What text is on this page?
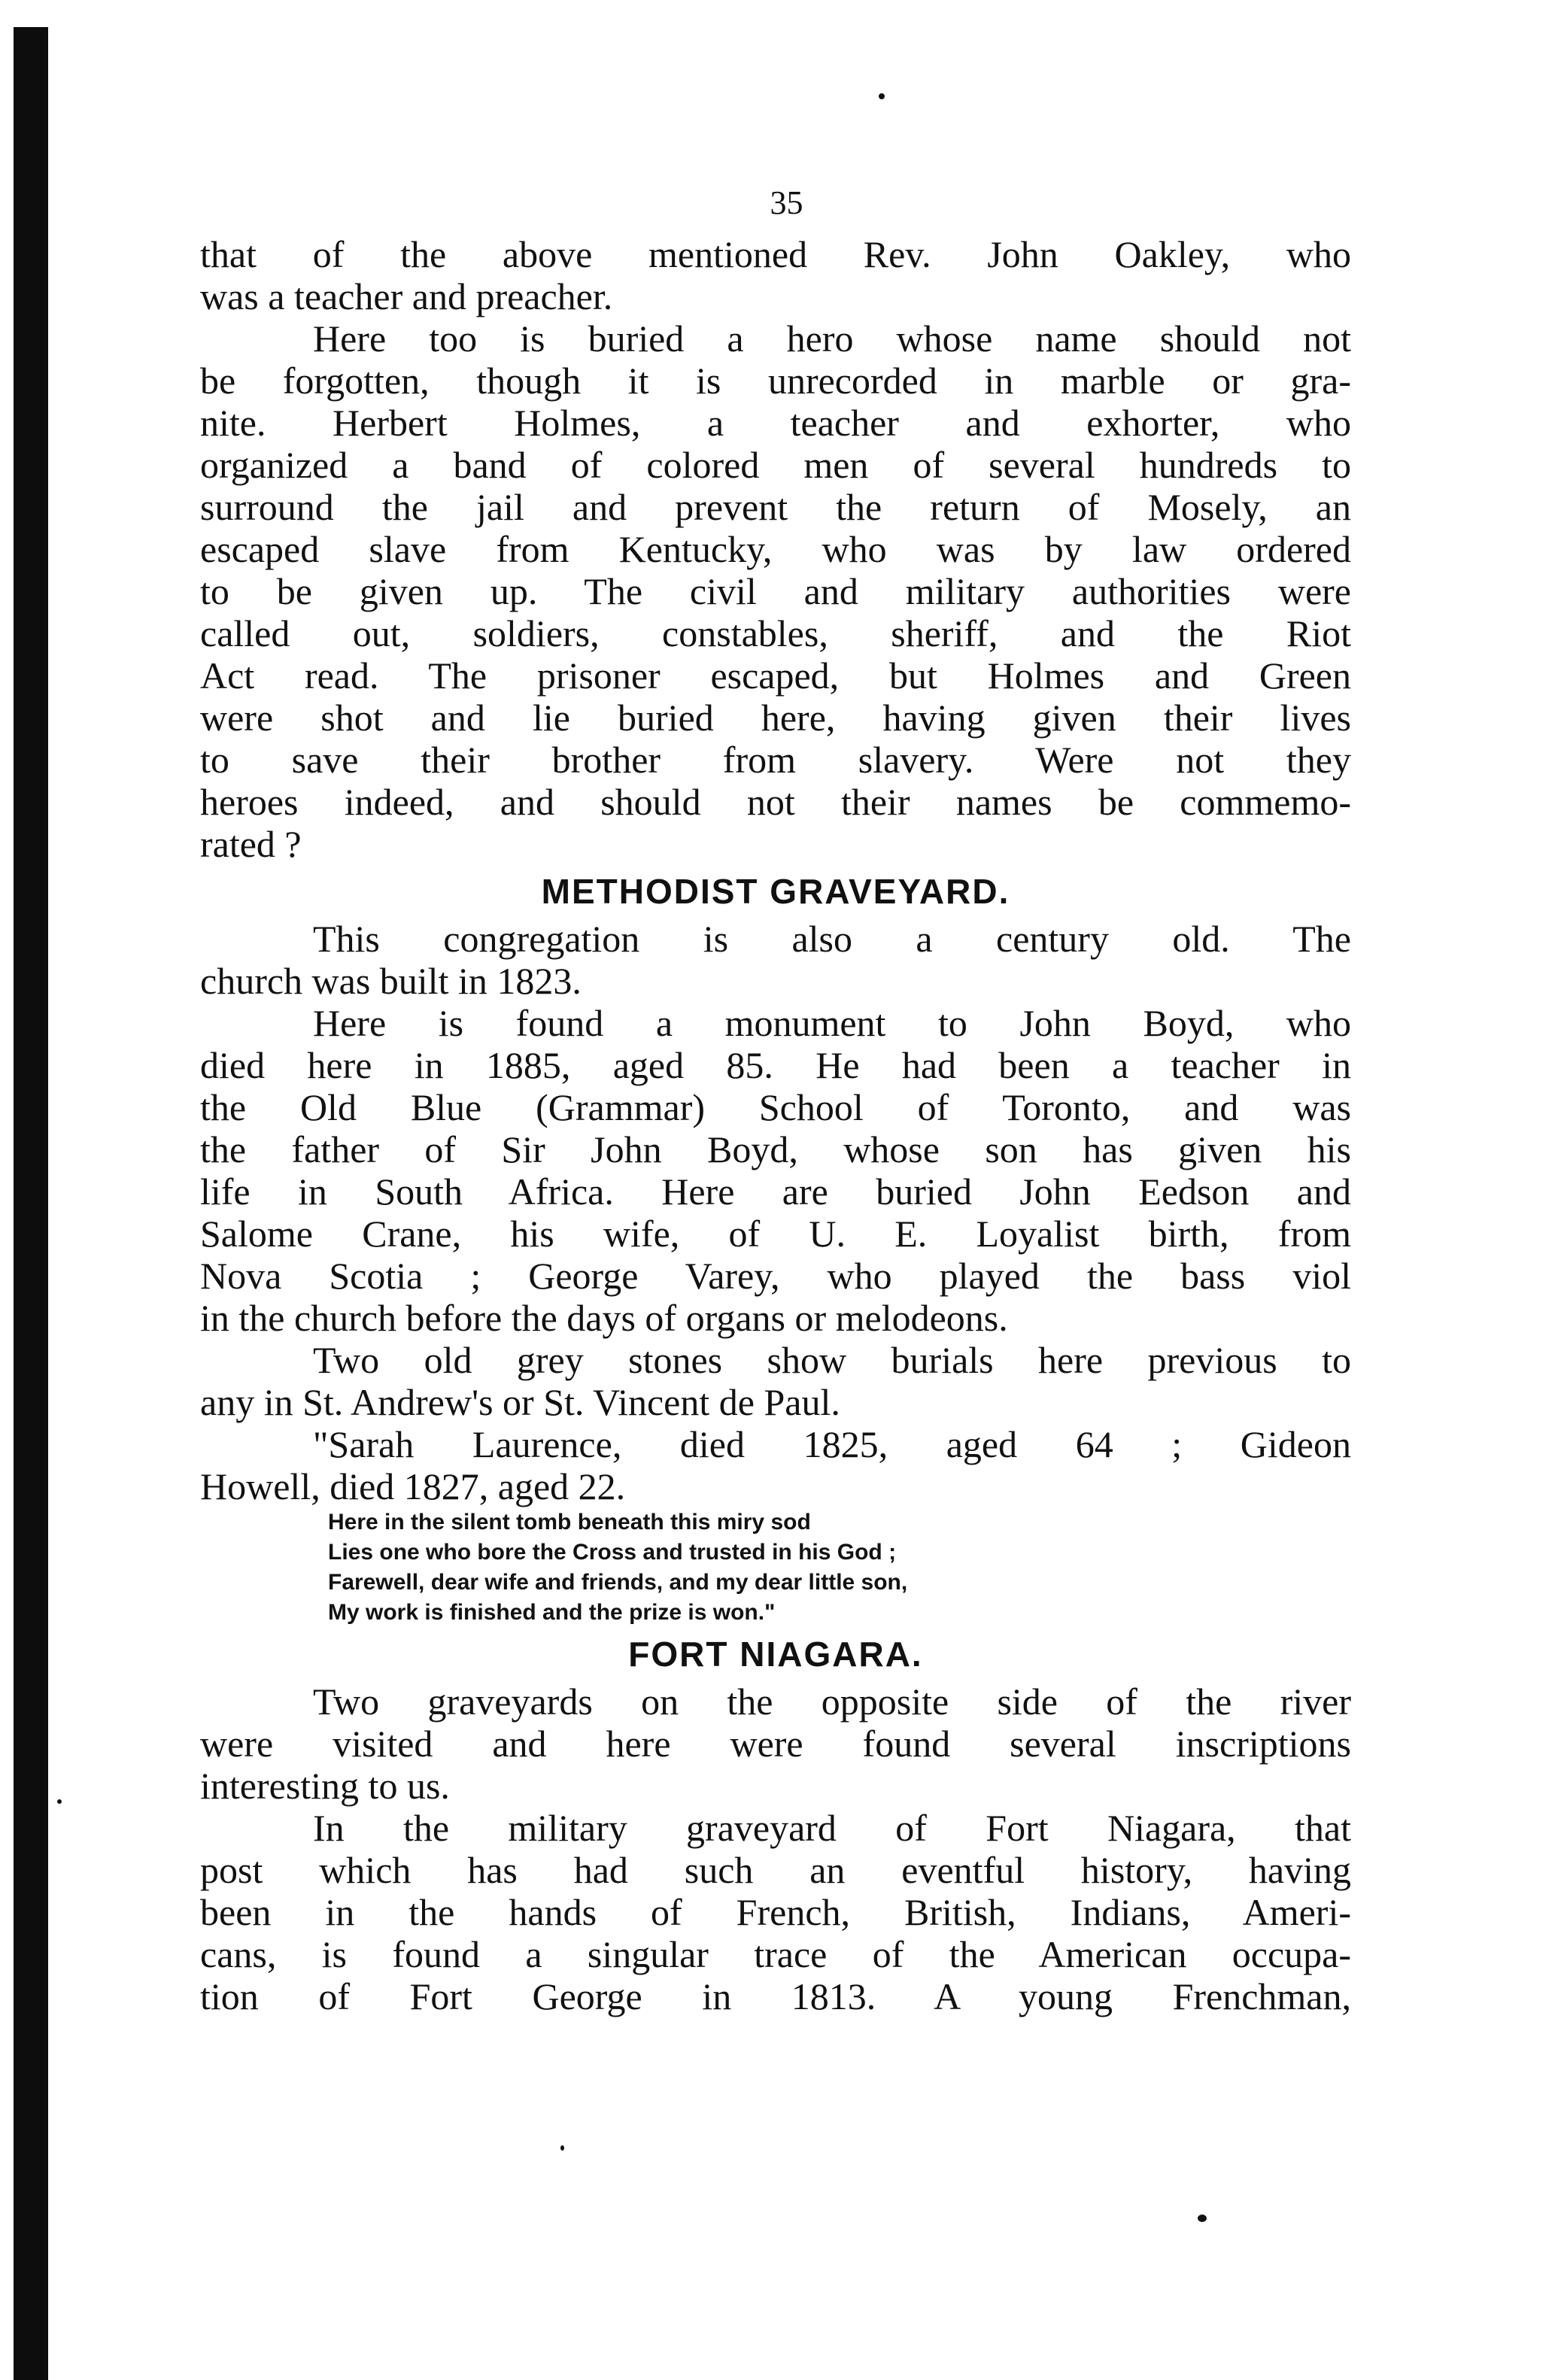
35
that of the above mentioned Rev. John Oakley, who
was a teacher and preacher.
Here too is buried a hero whose name should not
be forgotten, though it is unrecorded in marble or gra-
nite. Herbert Holmes, a teacher and exhorter, who
organized a band of colored men of several hundreds to
surround the jail and prevent the return of Mosely, an
escaped slave from Kentucky, who was by law ordered
to be given up. The civil and military authorities were
called out, soldiers, constables, sheriff, and the Riot
Act read. The prisoner escaped, but Holmes and Green
were shot and lie buried here, having given their lives
to save their brother from slavery. Were not they
heroes indeed, and should not their names be commemo-
rated ?
METHODIST GRAVEYARD.
This congregation is also a century old. The
church was built in 1823.
Here is found a monument to John Boyd, who
died here in 1885, aged 85. He had been a teacher in
the Old Blue (Grammar) School of Toronto, and was
the father of Sir John Boyd, whose son has given his
life in South Africa. Here are buried John Eedson and
Salome Crane, his wife, of U. E. Loyalist birth, from
Nova Scotia ; George Varey, who played the bass viol
in the church before the days of organs or melodeons.
Two old grey stones show burials here previous to
any in St. Andrew's or St. Vincent de Paul.
"Sarah Laurence, died 1825, aged 64 ; Gideon
Howell, died 1827, aged 22.
Here in the silent tomb beneath this miry sod
Lies one who bore the Cross and trusted in his God ;
Farewell, dear wife and friends, and my dear little son,
My work is finished and the prize is won."
FORT NIAGARA.
Two graveyards on the opposite side of the river
were visited and here were found several inscriptions
interesting to us.
In the military graveyard of Fort Niagara, that
post which has had such an eventful history, having
been in the hands of French, British, Indians, Ameri-
cans, is found a singular trace of the American occupa-
tion of Fort George in 1813. A young Frenchman,
